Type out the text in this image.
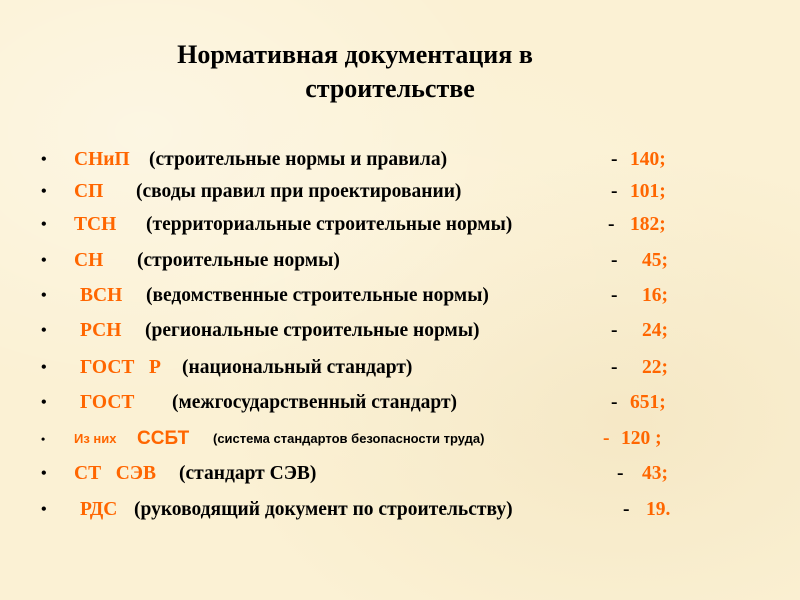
Нормативная документация в
строительстве
• СНиП (строительные нормы и правила)	- 140;
• СП (своды правил при проектировании)	- 101;
• ТСН (территориальные строительные нормы)	- 182;
• СН (строительные нормы)	- 45;
• ВСН (ведомственные строительные нормы)	- 16;
• РСН (региональные строительные нормы)	- 24;
• ГОСТ   Р (национальный стандарт)	- 22;
• ГОСТ (межгосударственный стандарт)	- 651;
• Из них ССБТ (система стандартов безопасности труда)	- 120 ;
• СТ   СЭВ (стандарт СЭВ)	- 43;
• РДС (руководящий документ по строительству)	- 19.
